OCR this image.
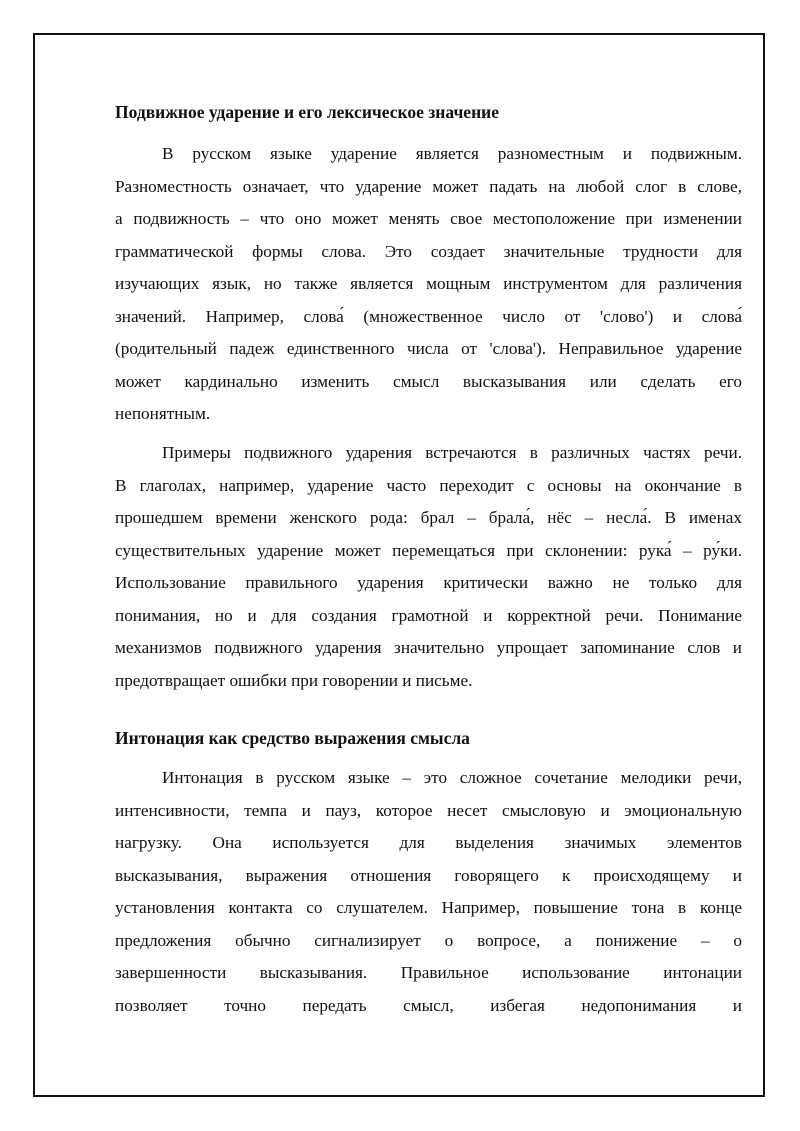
Подвижное ударение и его лексическое значение
В русском языке ударение является разноместным и подвижным.
Разноместность означает, что ударение может падать на любой слог в слове,
а подвижность – что оно может менять свое местоположение при изменении
грамматической формы слова. Это создает значительные трудности для
изучающих язык, но также является мощным инструментом для различения
значений. Например, слова́ (множественное число от 'слово') и слова́
(родительный падеж единственного числа от 'слова'). Неправильное ударение
может кардинально изменить смысл высказывания или сделать его
непонятным.
Примеры подвижного ударения встречаются в различных частях речи.
В глаголах, например, ударение часто переходит с основы на окончание в
прошедшем времени женского рода: брал – брала́, нёс – несла́. В именах
существительных ударение может перемещаться при склонении: рука́ – ру́ки.
Использование правильного ударения критически важно не только для
понимания, но и для создания грамотной и корректной речи. Понимание
механизмов подвижного ударения значительно упрощает запоминание слов и
предотвращает ошибки при говорении и письме.
Интонация как средство выражения смысла
Интонация в русском языке – это сложное сочетание мелодики речи,
интенсивности, темпа и пауз, которое несет смысловую и эмоциональную
нагрузку. Она используется для выделения значимых элементов
высказывания, выражения отношения говорящего к происходящему и
установления контакта со слушателем. Например, повышение тона в конце
предложения обычно сигнализирует о вопросе, а понижение – о
завершенности высказывания. Правильное использование интонации
позволяет точно передать смысл, избегая недопонимания и
